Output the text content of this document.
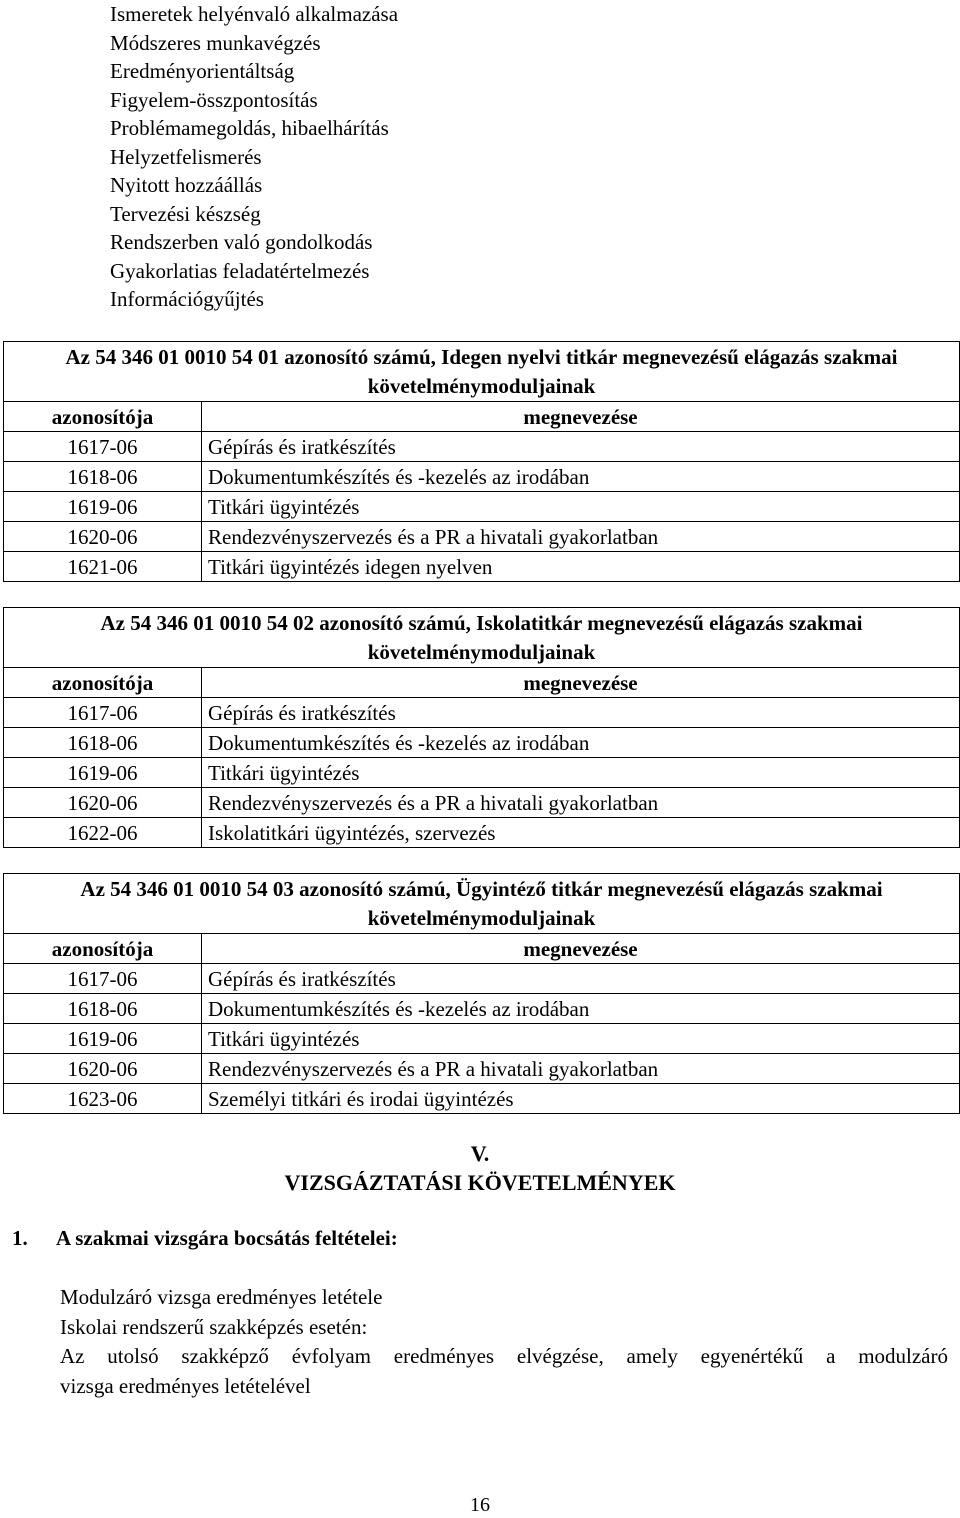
Ismeretek helyénvaló alkalmazása
Módszeres munkavégzés
Eredményorientáltság
Figyelem-összpontosítás
Problémamegoldás, hibaelhárítás
Helyzetfelismerés
Nyitott hozzáállás
Tervezési készség
Rendszerben való gondolkodás
Gyakorlatias feladatértelmezés
Információgyűjtés
Az 54 346 01 0010 54 01 azonosító számú, Idegen nyelvi titkár megnevezésű elágazás szakmai követelménymoduljainak	
azonosítója	megnevezése
1617-06	Gépírás és iratkészítés
1618-06	Dokumentumkészítés és -kezelés az irodában
1619-06	Titkári ügyintézés
1620-06	Rendezvényszervezés és a PR a hivatali gyakorlatban
1621-06	Titkári ügyintézés idegen nyelven
Az 54 346 01 0010 54 02 azonosító számú, Iskolatitkár megnevezésű elágazás szakmai követelménymoduljainak	
azonosítója	megnevezése
1617-06	Gépírás és iratkészítés
1618-06	Dokumentumkészítés és -kezelés az irodában
1619-06	Titkári ügyintézés
1620-06	Rendezvényszervezés és a PR a hivatali gyakorlatban
1622-06	Iskolatitkári ügyintézés, szervezés
Az 54 346 01 0010 54 03 azonosító számú, Ügyintéző titkár megnevezésű elágazás szakmai követelménymoduljainak	
azonosítója	megnevezése
1617-06	Gépírás és iratkészítés
1618-06	Dokumentumkészítés és -kezelés az irodában
1619-06	Titkári ügyintézés
1620-06	Rendezvényszervezés és a PR a hivatali gyakorlatban
1623-06	Személyi titkári és irodai ügyintézés
V.
VIZSGÁZTATÁSI KÖVETELMÉNYEK
1. A szakmai vizsgára bocsátás feltételei:
Modulzáró vizsga eredményes letétele
Iskolai rendszerű szakképzés esetén:
Az utolsó szakképző évfolyam eredményes elvégzése, amely egyenértékű a modulzáró
vizsga eredményes letételével
16
